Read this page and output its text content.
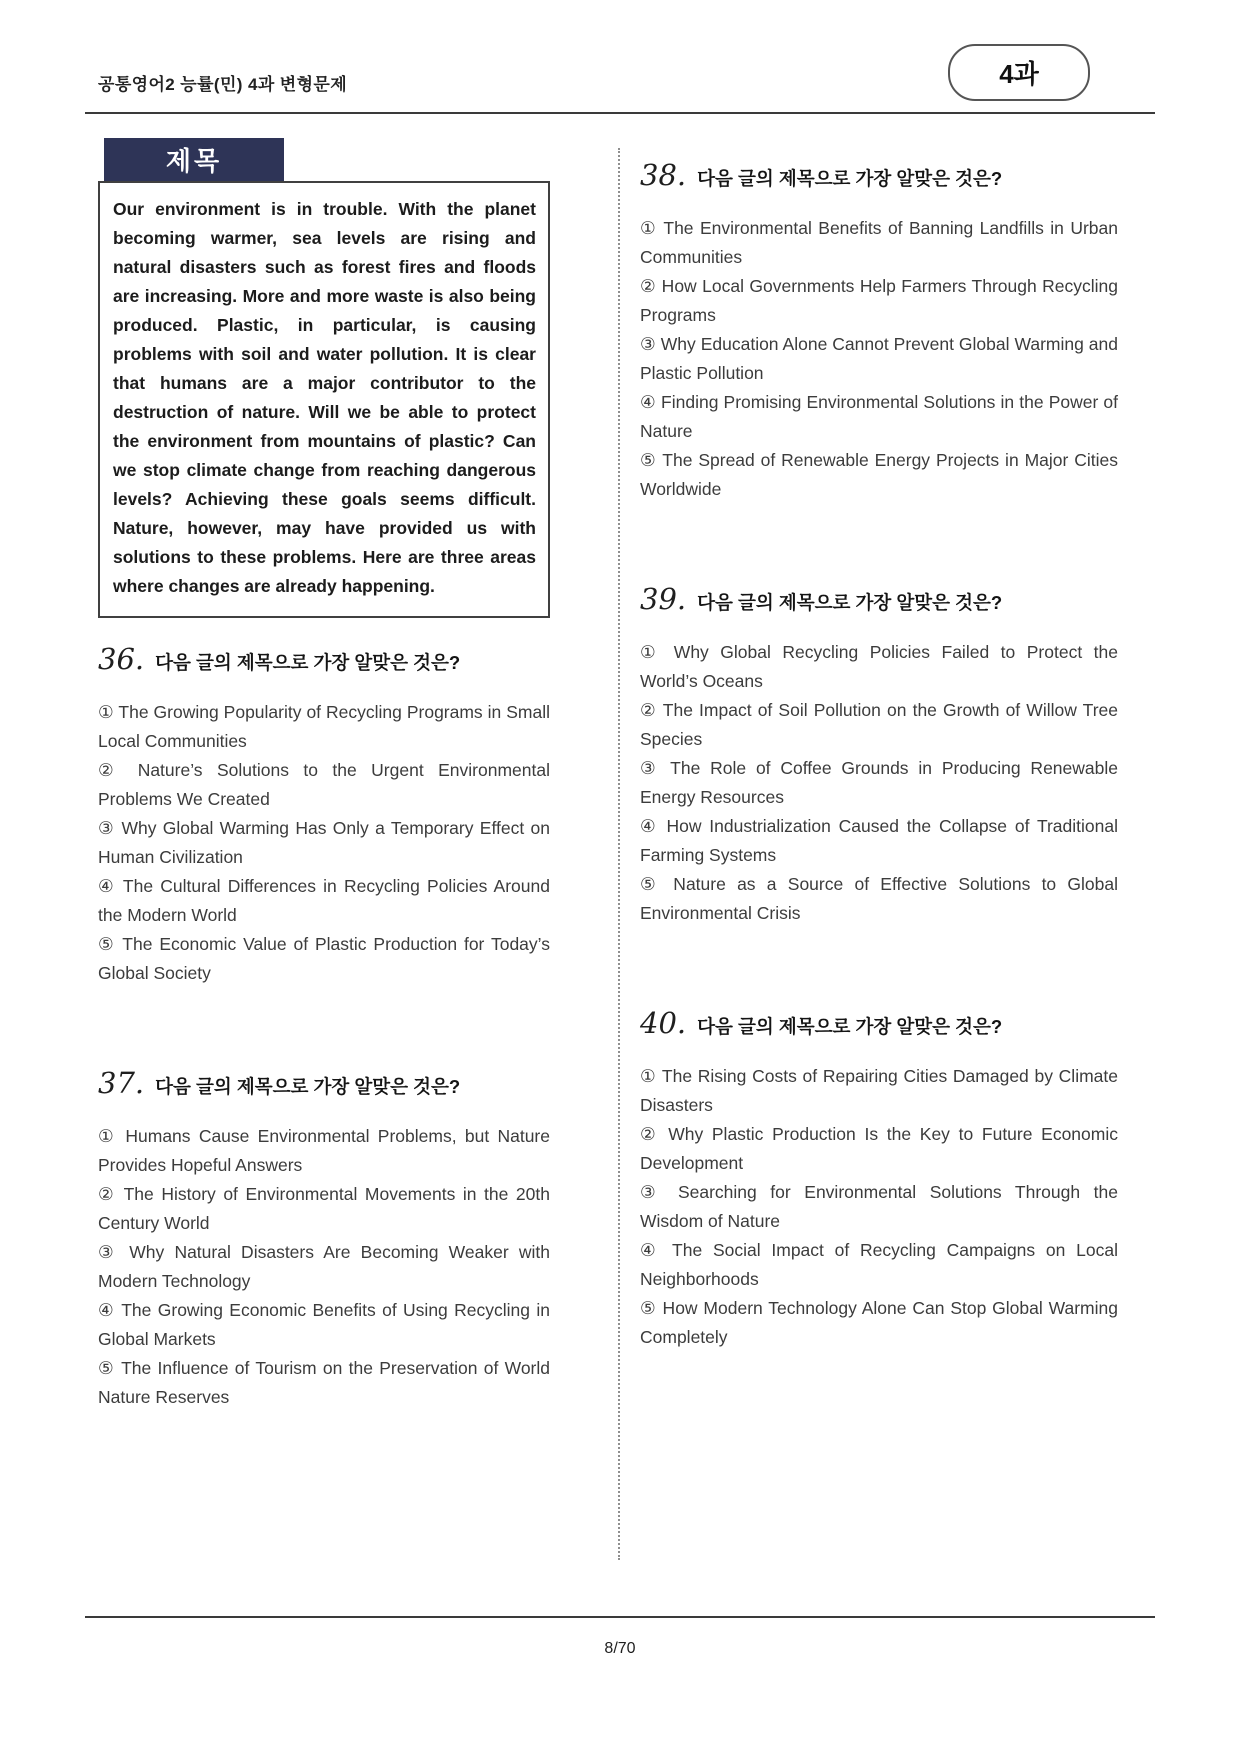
공통영어2 능률(민) 4과 변형문제	4과
제목
Our environment is in trouble. With the planet becoming warmer, sea levels are rising and natural disasters such as forest fires and floods are increasing. More and more waste is also being produced. Plastic, in particular, is causing problems with soil and water pollution. It is clear that humans are a major contributor to the destruction of nature. Will we be able to protect the environment from mountains of plastic? Can we stop climate change from reaching dangerous levels? Achieving these goals seems difficult. Nature, however, may have provided us with solutions to these problems. Here are three areas where changes are already happening.
36. 다음 글의 제목으로 가장 알맞은 것은?

① The Growing Popularity of Recycling Programs in Small Local Communities

② Nature’s Solutions to the Urgent Environmental Problems We Created

③ Why Global Warming Has Only a Temporary Effect on Human Civilization

④ The Cultural Differences in Recycling Policies Around the Modern World

⑤ The Economic Value of Plastic Production for Today’s Global Society

37. 다음 글의 제목으로 가장 알맞은 것은?

① Humans Cause Environmental Problems, but Nature Provides Hopeful Answers

② The History of Environmental Movements in the 20th Century World

③ Why Natural Disasters Are Becoming Weaker with Modern Technology

④ The Growing Economic Benefits of Using Recycling in Global Markets

⑤ The Influence of Tourism on the Preservation of World Nature Reserves

38. 다음 글의 제목으로 가장 알맞은 것은?

① The Environmental Benefits of Banning Landfills in Urban Communities

② How Local Governments Help Farmers Through Recycling Programs

③ Why Education Alone Cannot Prevent Global Warming and Plastic Pollution

④ Finding Promising Environmental Solutions in the Power of Nature

⑤ The Spread of Renewable Energy Projects in Major Cities Worldwide

39. 다음 글의 제목으로 가장 알맞은 것은?

① Why Global Recycling Policies Failed to Protect the World’s Oceans

② The Impact of Soil Pollution on the Growth of Willow Tree Species

③ The Role of Coffee Grounds in Producing Renewable Energy Resources

④ How Industrialization Caused the Collapse of Traditional Farming Systems

⑤ Nature as a Source of Effective Solutions to Global Environmental Crisis

40. 다음 글의 제목으로 가장 알맞은 것은?

① The Rising Costs of Repairing Cities Damaged by Climate Disasters

② Why Plastic Production Is the Key to Future Economic Development

③ Searching for Environmental Solutions Through the Wisdom of Nature

④ The Social Impact of Recycling Campaigns on Local Neighborhoods

⑤ How Modern Technology Alone Can Stop Global Warming Completely

8/70
